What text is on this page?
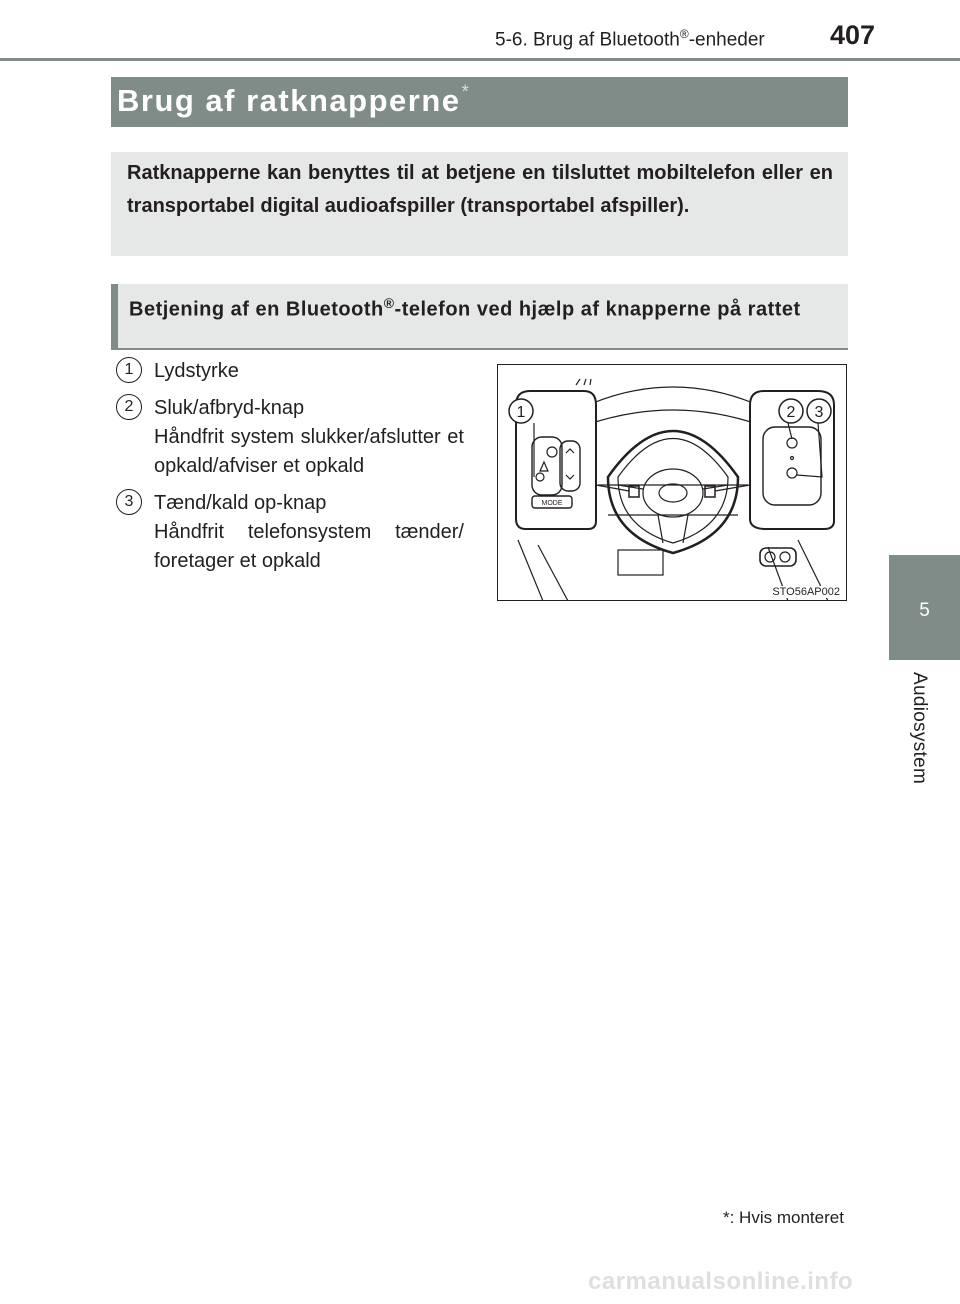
5-6. Brug af Bluetooth®-enheder 407
5
Audiosystem
Brug af ratknapperne*
Ratknapperne kan benyttes til at betjene en tilsluttet mobiltelefon eller en transportabel digital audioafspiller (transportabel afspiller).
Betjening af en Bluetooth®-telefon ved hjælp af knapperne på rattet
1	Lydstyrke
2	Sluk/afbryd-knap
Håndfrit system slukker/afslutter et opkald/afviser et opkald
3	Tænd/kald op-knap
Håndfrit telefonsystem tænder/ foretager et opkald
1	2 3
MODE
STO56AP002
*: Hvis monteret
carmanualsonline.info
